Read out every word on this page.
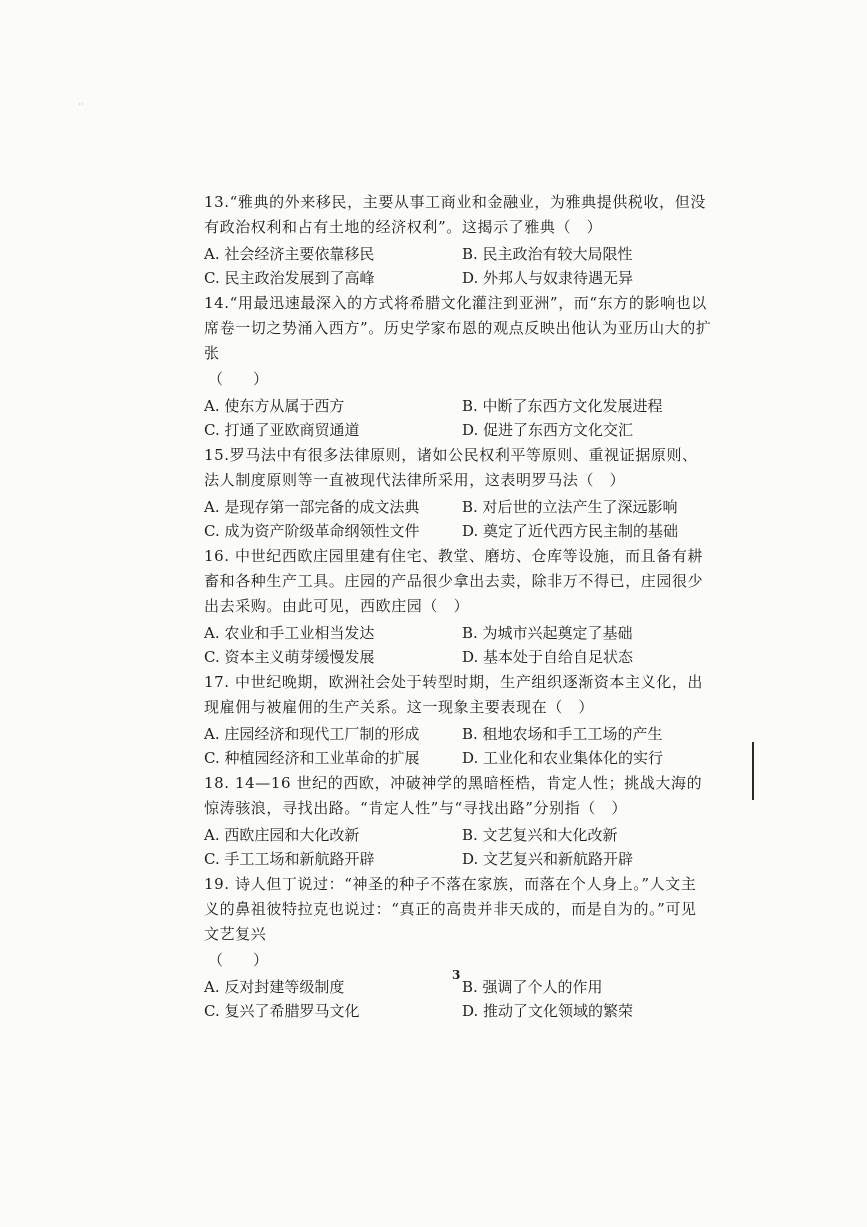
··

13.“雅典的外来移民，主要从事工商业和金融业，为雅典提供税收，但没有政治权利和占有土地的经济权利”。这揭示了雅典（　）

A. 社会经济主要依靠移民	B. 民主政治有较大局限性
C. 民主政治发展到了高峰	D. 外邦人与奴隶待遇无异

14.“用最迅速最深入的方式将希腊文化灌注到亚洲”，而“东方的影响也以席卷一切之势涌入西方”。历史学家布恩的观点反映出他认为亚历山大的扩张

（　　）

A. 使东方从属于西方	B. 中断了东西方文化发展进程
C. 打通了亚欧商贸通道	D. 促进了东西方文化交汇

15.罗马法中有很多法律原则，诸如公民权利平等原则、重视证据原则、法人制度原则等一直被现代法律所采用，这表明罗马法（　）

A. 是现存第一部完备的成文法典	B. 对后世的立法产生了深远影响
C. 成为资产阶级革命纲领性文件	D. 奠定了近代西方民主制的基础

16. 中世纪西欧庄园里建有住宅、教堂、磨坊、仓库等设施，而且备有耕畜和各种生产工具。庄园的产品很少拿出去卖，除非万不得已，庄园很少出去采购。由此可见，西欧庄园（　）

A. 农业和手工业相当发达	B. 为城市兴起奠定了基础
C. 资本主义萌芽缓慢发展	D. 基本处于自给自足状态

17. 中世纪晚期，欧洲社会处于转型时期，生产组织逐渐资本主义化，出现雇佣与被雇佣的生产关系。这一现象主要表现在（　）

A. 庄园经济和现代工厂制的形成	B. 租地农场和手工工场的产生
C. 种植园经济和工业革命的扩展	D. 工业化和农业集体化的实行

18. 14—16 世纪的西欧，冲破神学的黑暗桎梏，肯定人性；挑战大海的惊涛骇浪，寻找出路。“肯定人性”与“寻找出路”分别指（　）

A. 西欧庄园和大化改新	B. 文艺复兴和大化改新
C. 手工工场和新航路开辟	D. 文艺复兴和新航路开辟

19. 诗人但丁说过：“神圣的种子不落在家族，而落在个人身上。”人文主义的鼻祖彼特拉克也说过：“真正的高贵并非天成的，而是自为的。”可见文艺复兴

（　　）

A. 反对封建等级制度	B. 强调了个人的作用
C. 复兴了希腊罗马文化	D. 推动了文化领域的繁荣
3
